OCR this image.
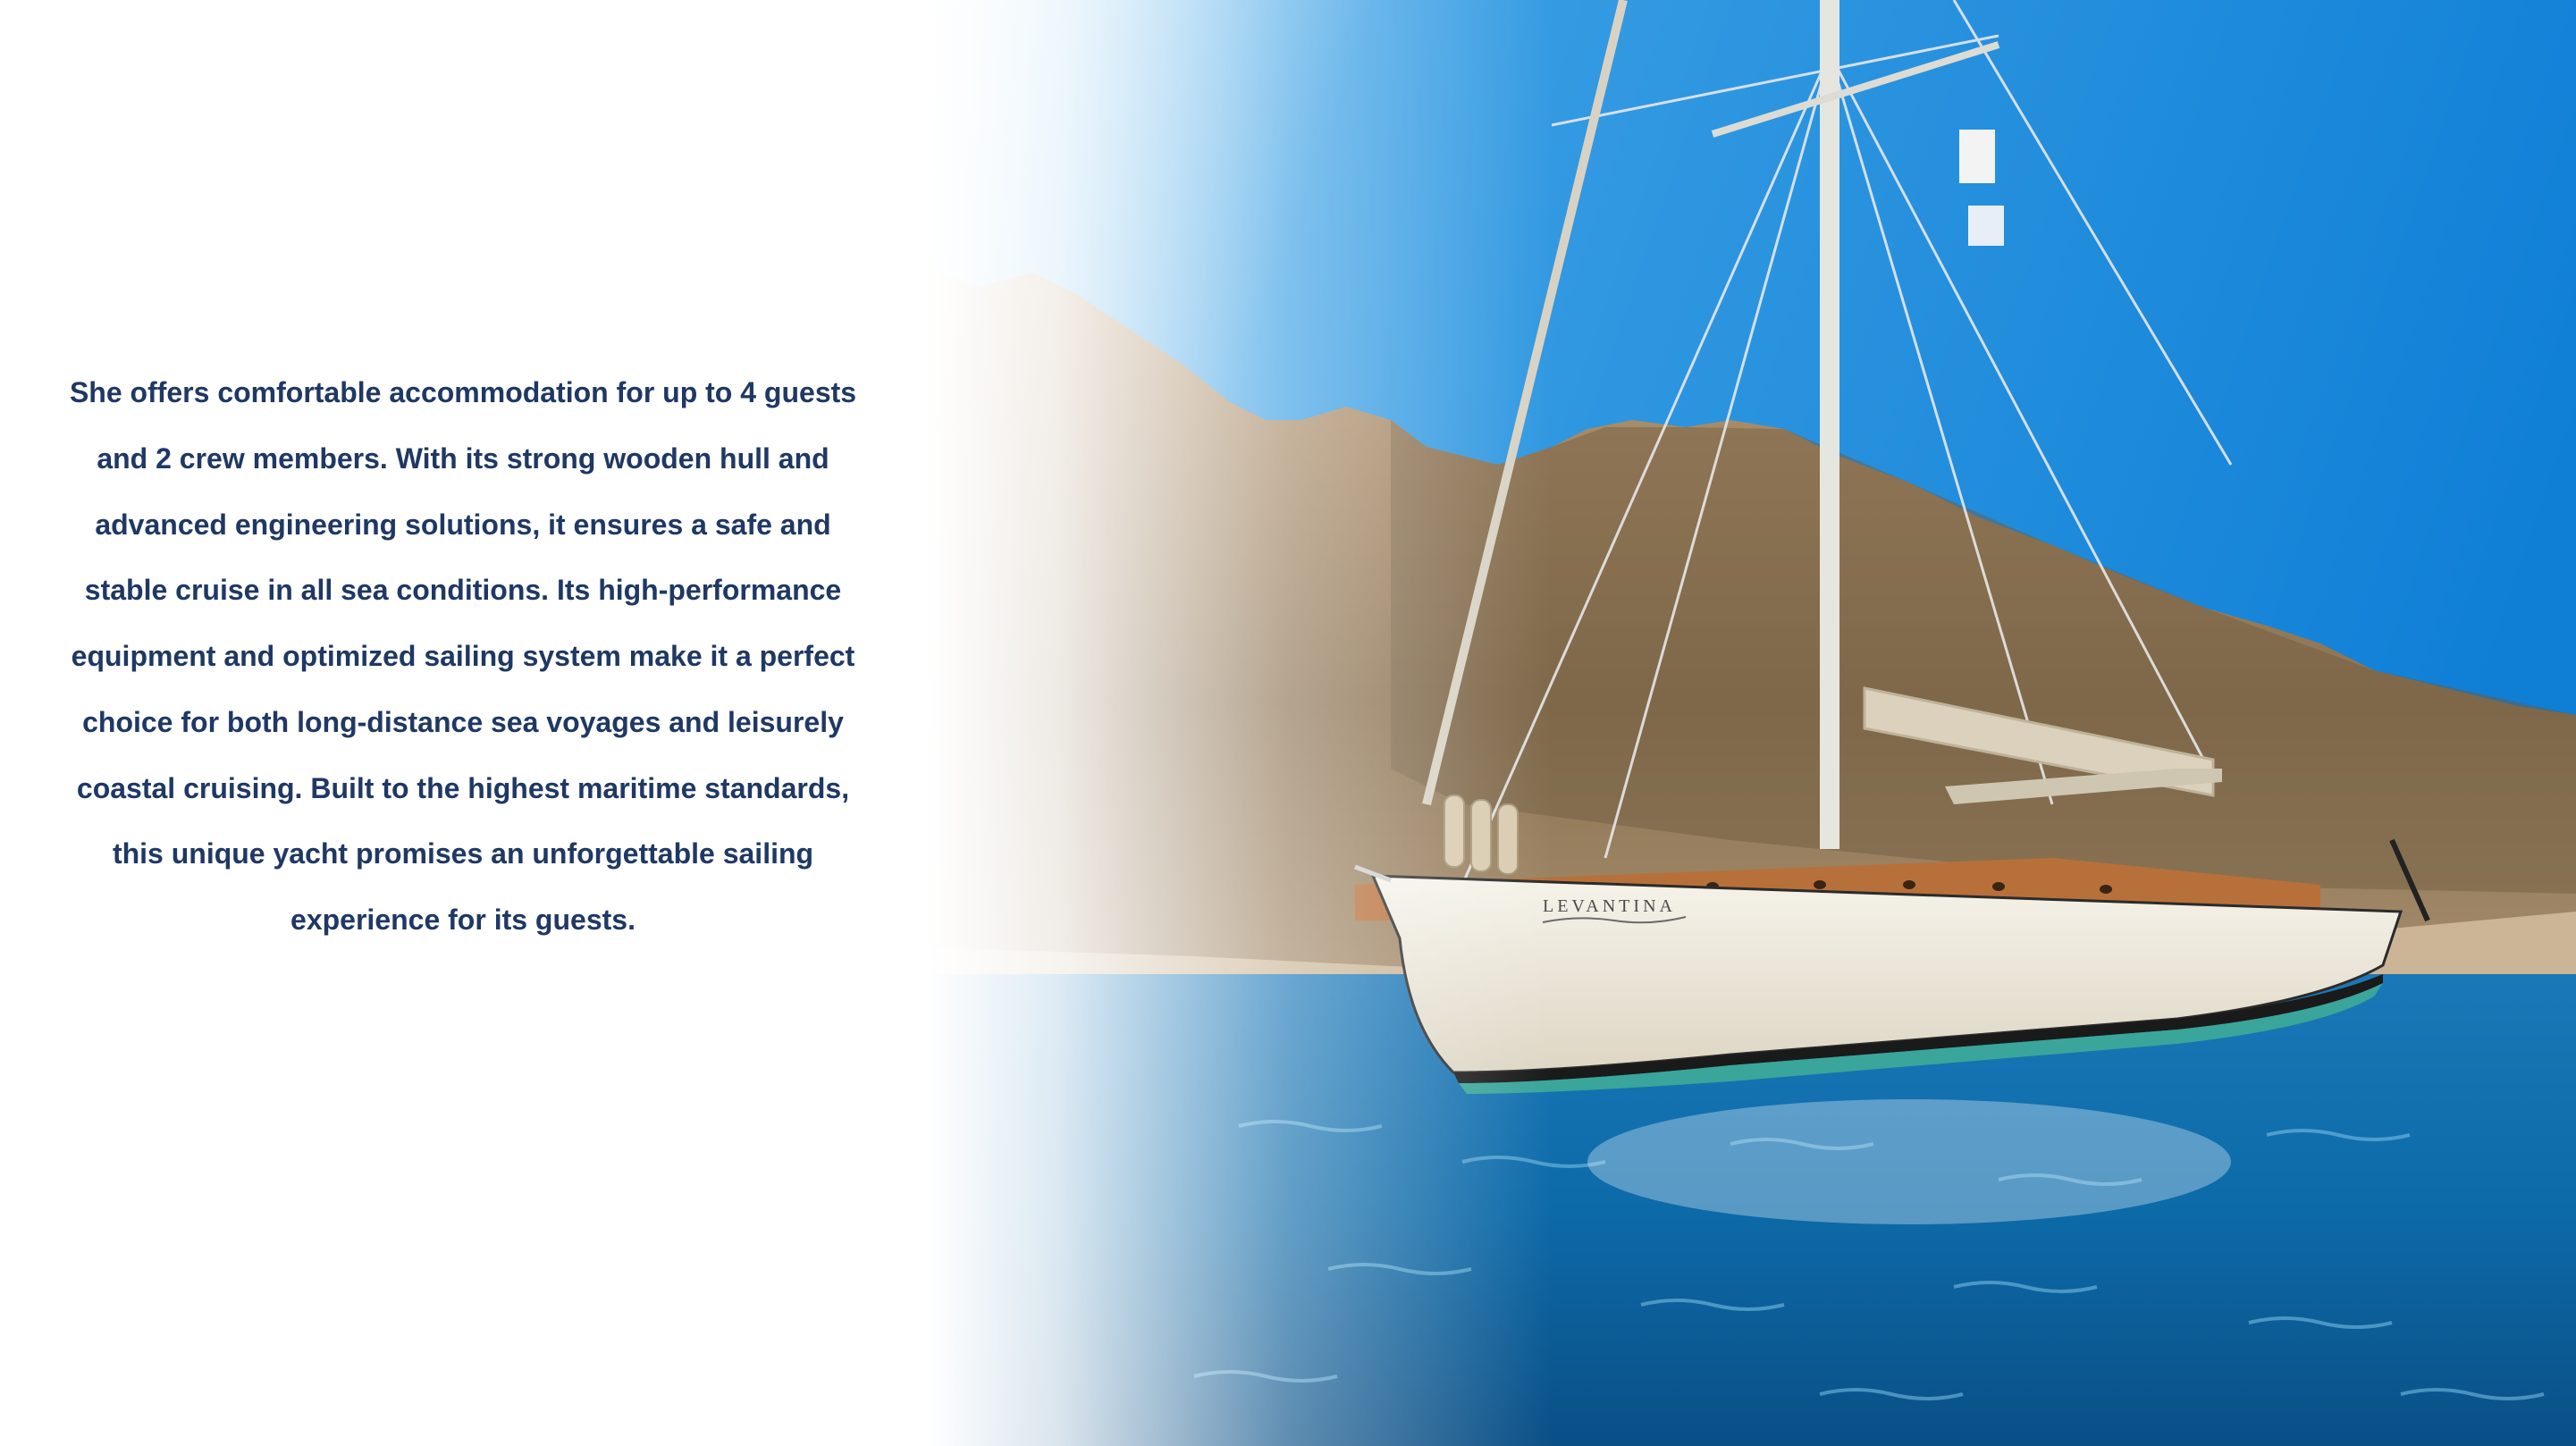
She offers comfortable accommodation for up to 4 guests and 2 crew members. With its strong wooden hull and advanced engineering solutions, it ensures a safe and stable cruise in all sea conditions. Its high-performance equipment and optimized sailing system make it a perfect choice for both long-distance sea voyages and leisurely coastal cruising. Built to the highest maritime standards, this unique yacht promises an unforgettable sailing experience for its guests.
